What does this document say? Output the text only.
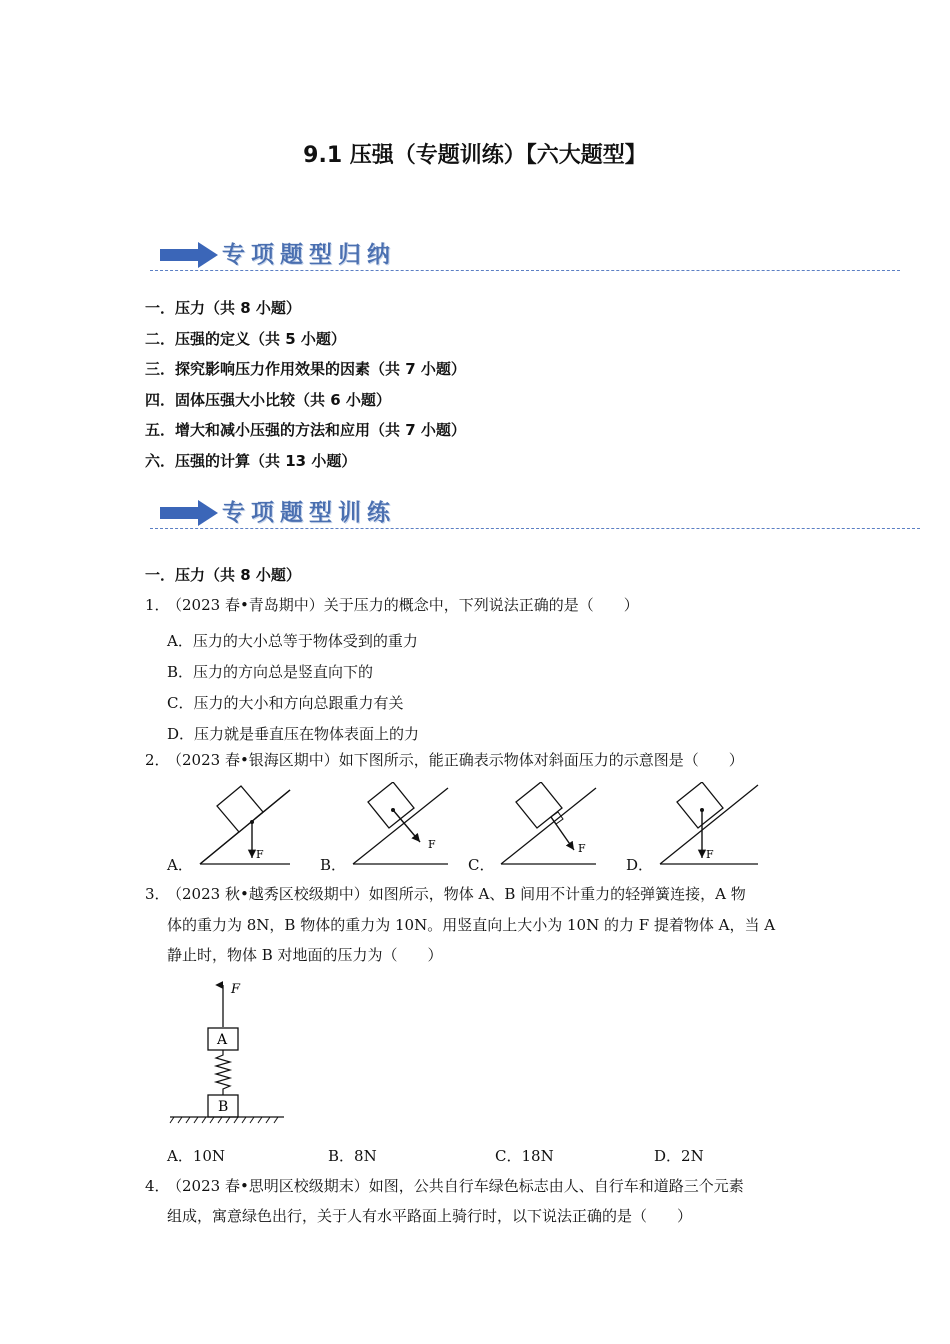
9.1 压强（专题训练）【六大题型】
专项题型归纳
一．压力（共 8 小题）
二．压强的定义（共 5 小题）
三．探究影响压力作用效果的因素（共 7 小题）
四．固体压强大小比较（共 6 小题）
五．增大和减小压强的方法和应用（共 7 小题）
六．压强的计算（共 13 小题）
专项题型训练
一．压力（共 8 小题）
1．
（2023 春•青岛期中）关于压力的概念中，下列说法正确的是（　　）
A．压力的大小总等于物体受到的重力
B．压力的方向总是竖直向下的
C．压力的大小和方向总跟重力有关
D．压力就是垂直压在物体表面上的力
2．
（2023 春•银海区期中）如下图所示，能正确表示物体对斜面压力的示意图是（　　）
A．	B．	C．	D．
F
F	F	F
3．
（2023 秋•越秀区校级期中）如图所示，物体 A、B 间用不计重力的轻弹簧连接，A 物
体的重力为 8N，B 物体的重力为 10N。用竖直向上大小为 10N 的力 F 提着物体 A，当 A
静止时，物体 B 对地面的压力为（　　）
F
A
B
A．10N	B．8N	C．18N	D．2N
4．
（2023 春•思明区校级期末）如图，公共自行车绿色标志由人、自行车和道路三个元素
组成，寓意绿色出行，关于人有水平路面上骑行时，以下说法正确的是（　　）
